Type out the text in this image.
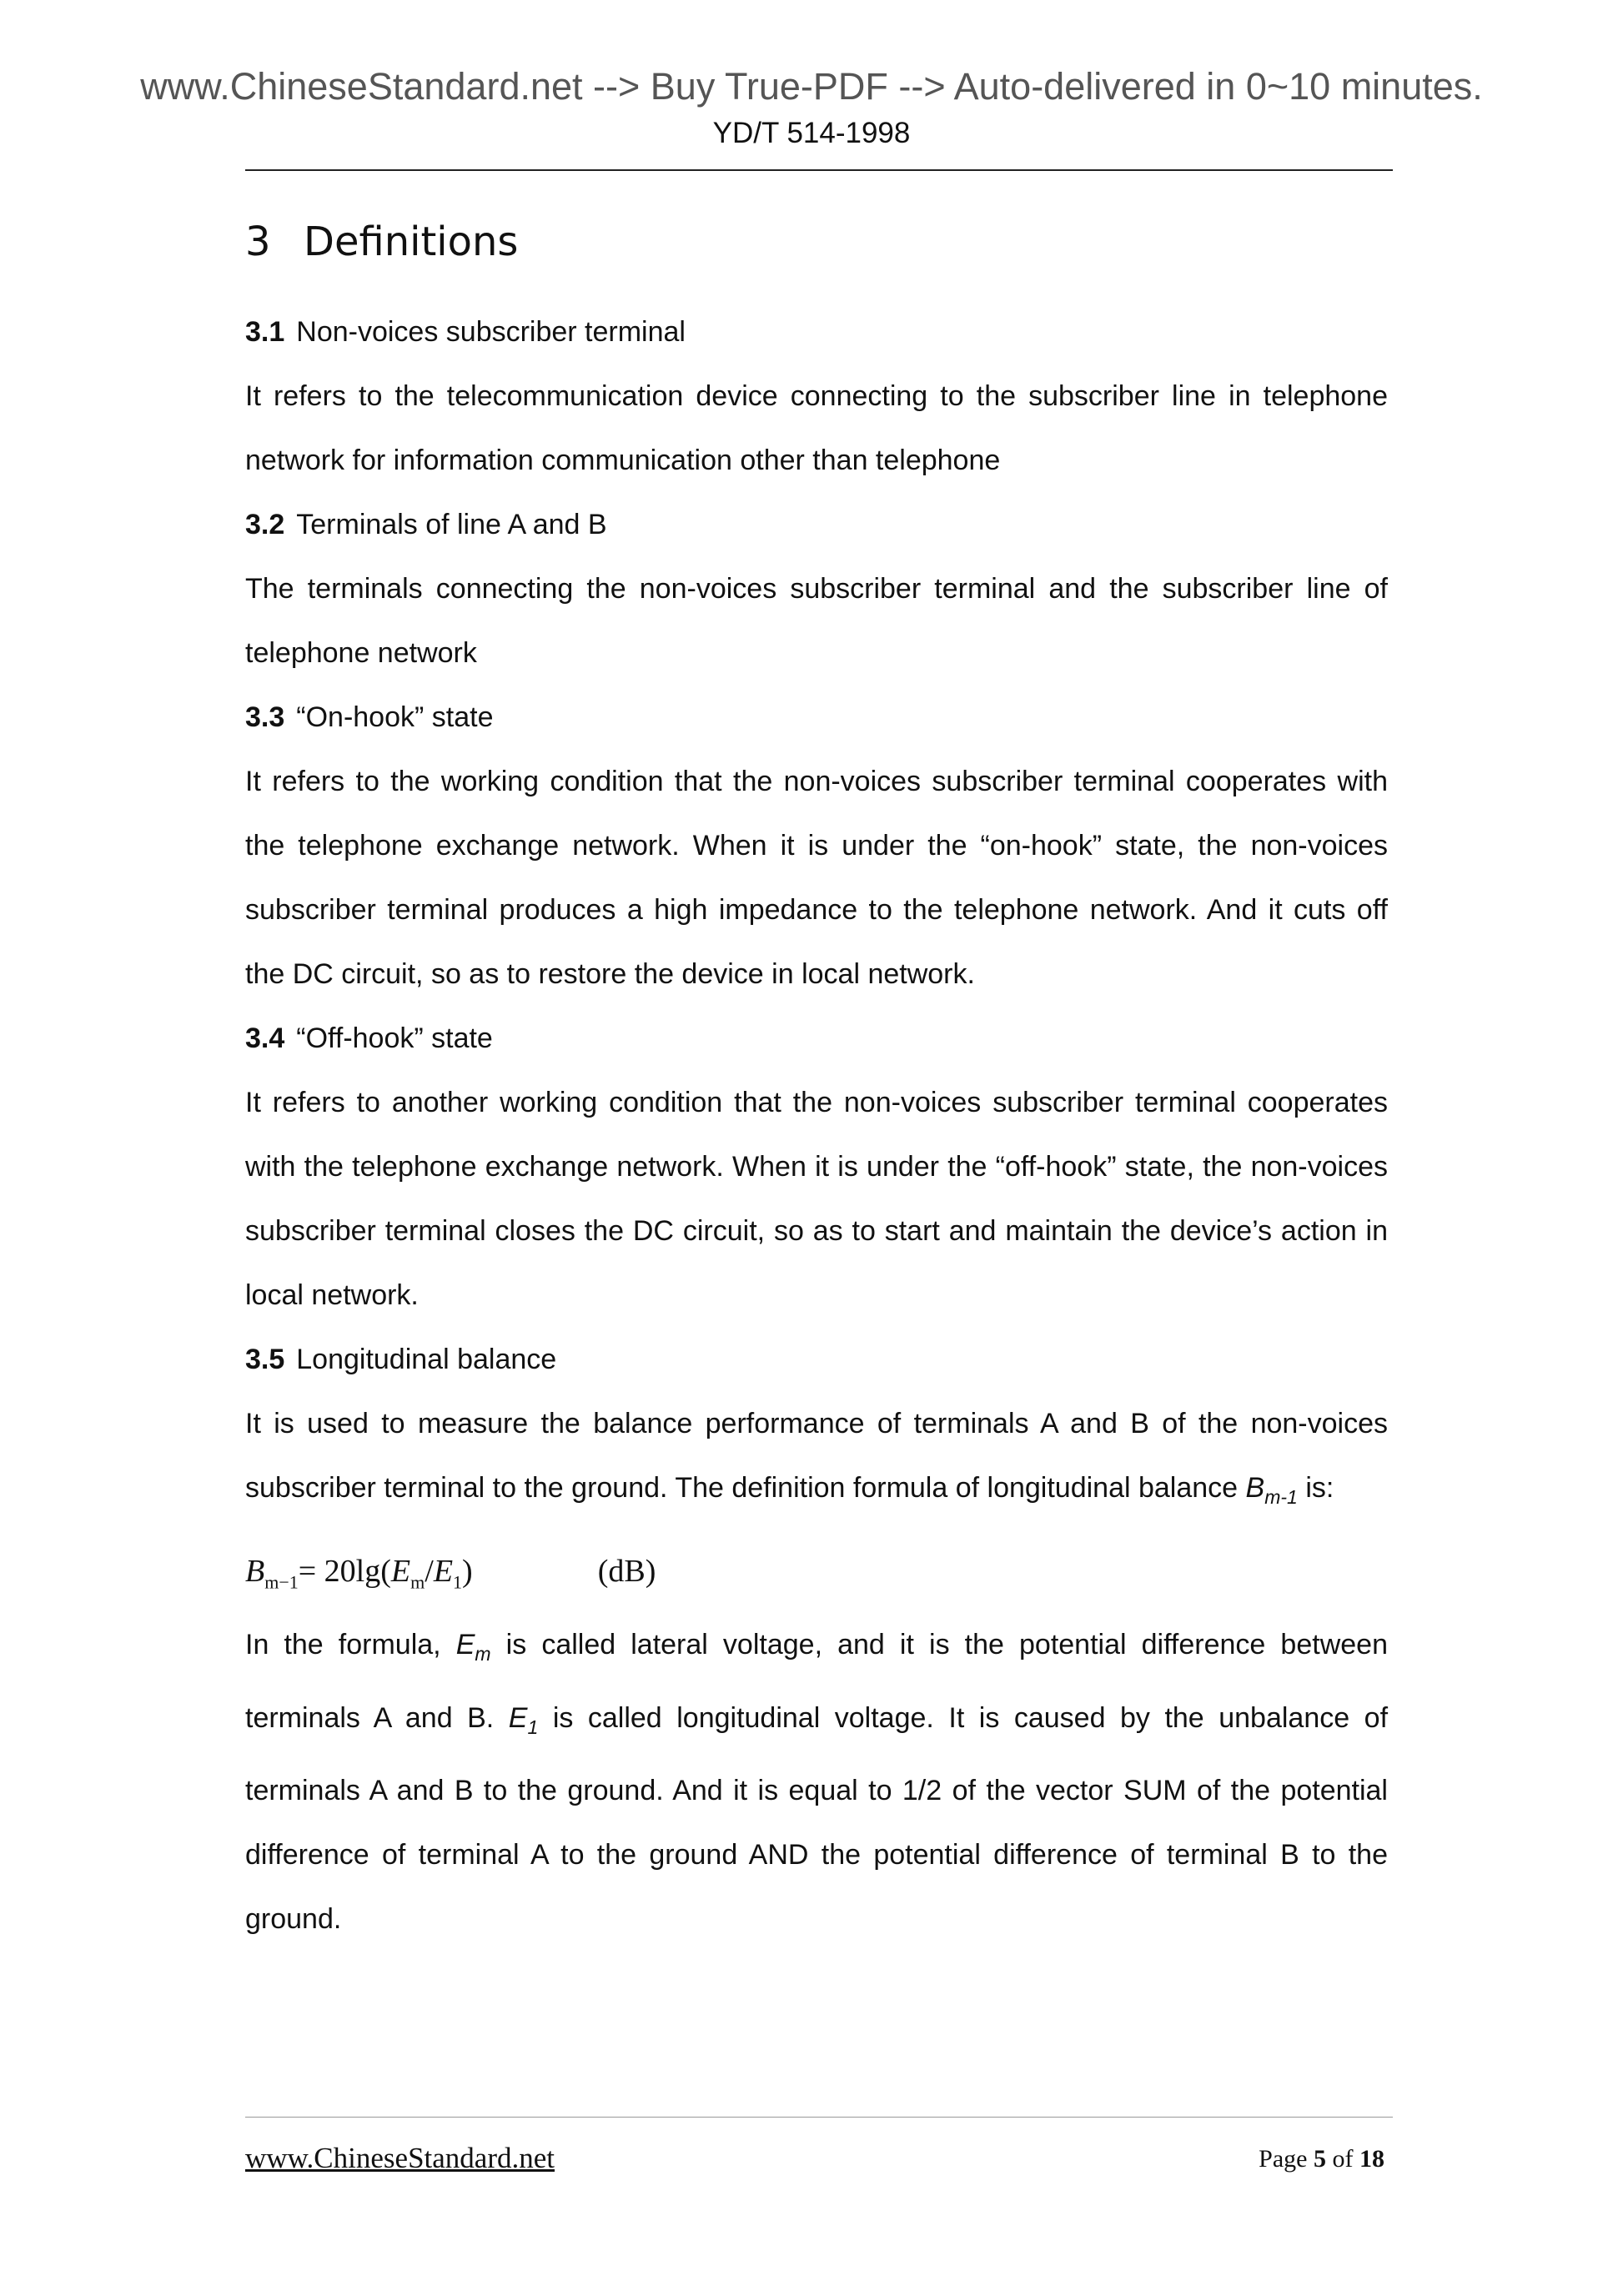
www.ChineseStandard.net --> Buy True-PDF --> Auto-delivered in 0~10 minutes.
YD/T 514-1998
3 Definitions

3.1 Non-voices subscriber terminal

It refers to the telecommunication device connecting to the subscriber line in telephone network for information communication other than telephone

3.2 Terminals of line A and B

The terminals connecting the non-voices subscriber terminal and the subscriber line of telephone network

3.3 “On-hook” state

It refers to the working condition that the non-voices subscriber terminal cooperates with the telephone exchange network. When it is under the “on-hook” state, the non-voices subscriber terminal produces a high impedance to the telephone network. And it cuts off the DC circuit, so as to restore the device in local network.

3.4 “Off-hook” state

It refers to another working condition that the non-voices subscriber terminal cooperates with the telephone exchange network. When it is under the “off-hook” state, the non-voices subscriber terminal closes the DC circuit, so as to start and maintain the device’s action in local network.

3.5 Longitudinal balance

It is used to measure the balance performance of terminals A and B of the non-voices subscriber terminal to the ground. The definition formula of longitudinal balance $B_{m-1}$ is:

$B_{m-1}= 20\lg(E_m/E_1)$	(dB)

In the formula, $E_m$ is called lateral voltage, and it is the potential difference between terminals A and B. $E_1$ is called longitudinal voltage. It is caused by the unbalance of terminals A and B to the ground. And it is equal to 1/2 of the vector SUM of the potential difference of terminal A to the ground AND the potential difference of terminal B to the ground.

www.ChineseStandard.net	Page 5 of 18
